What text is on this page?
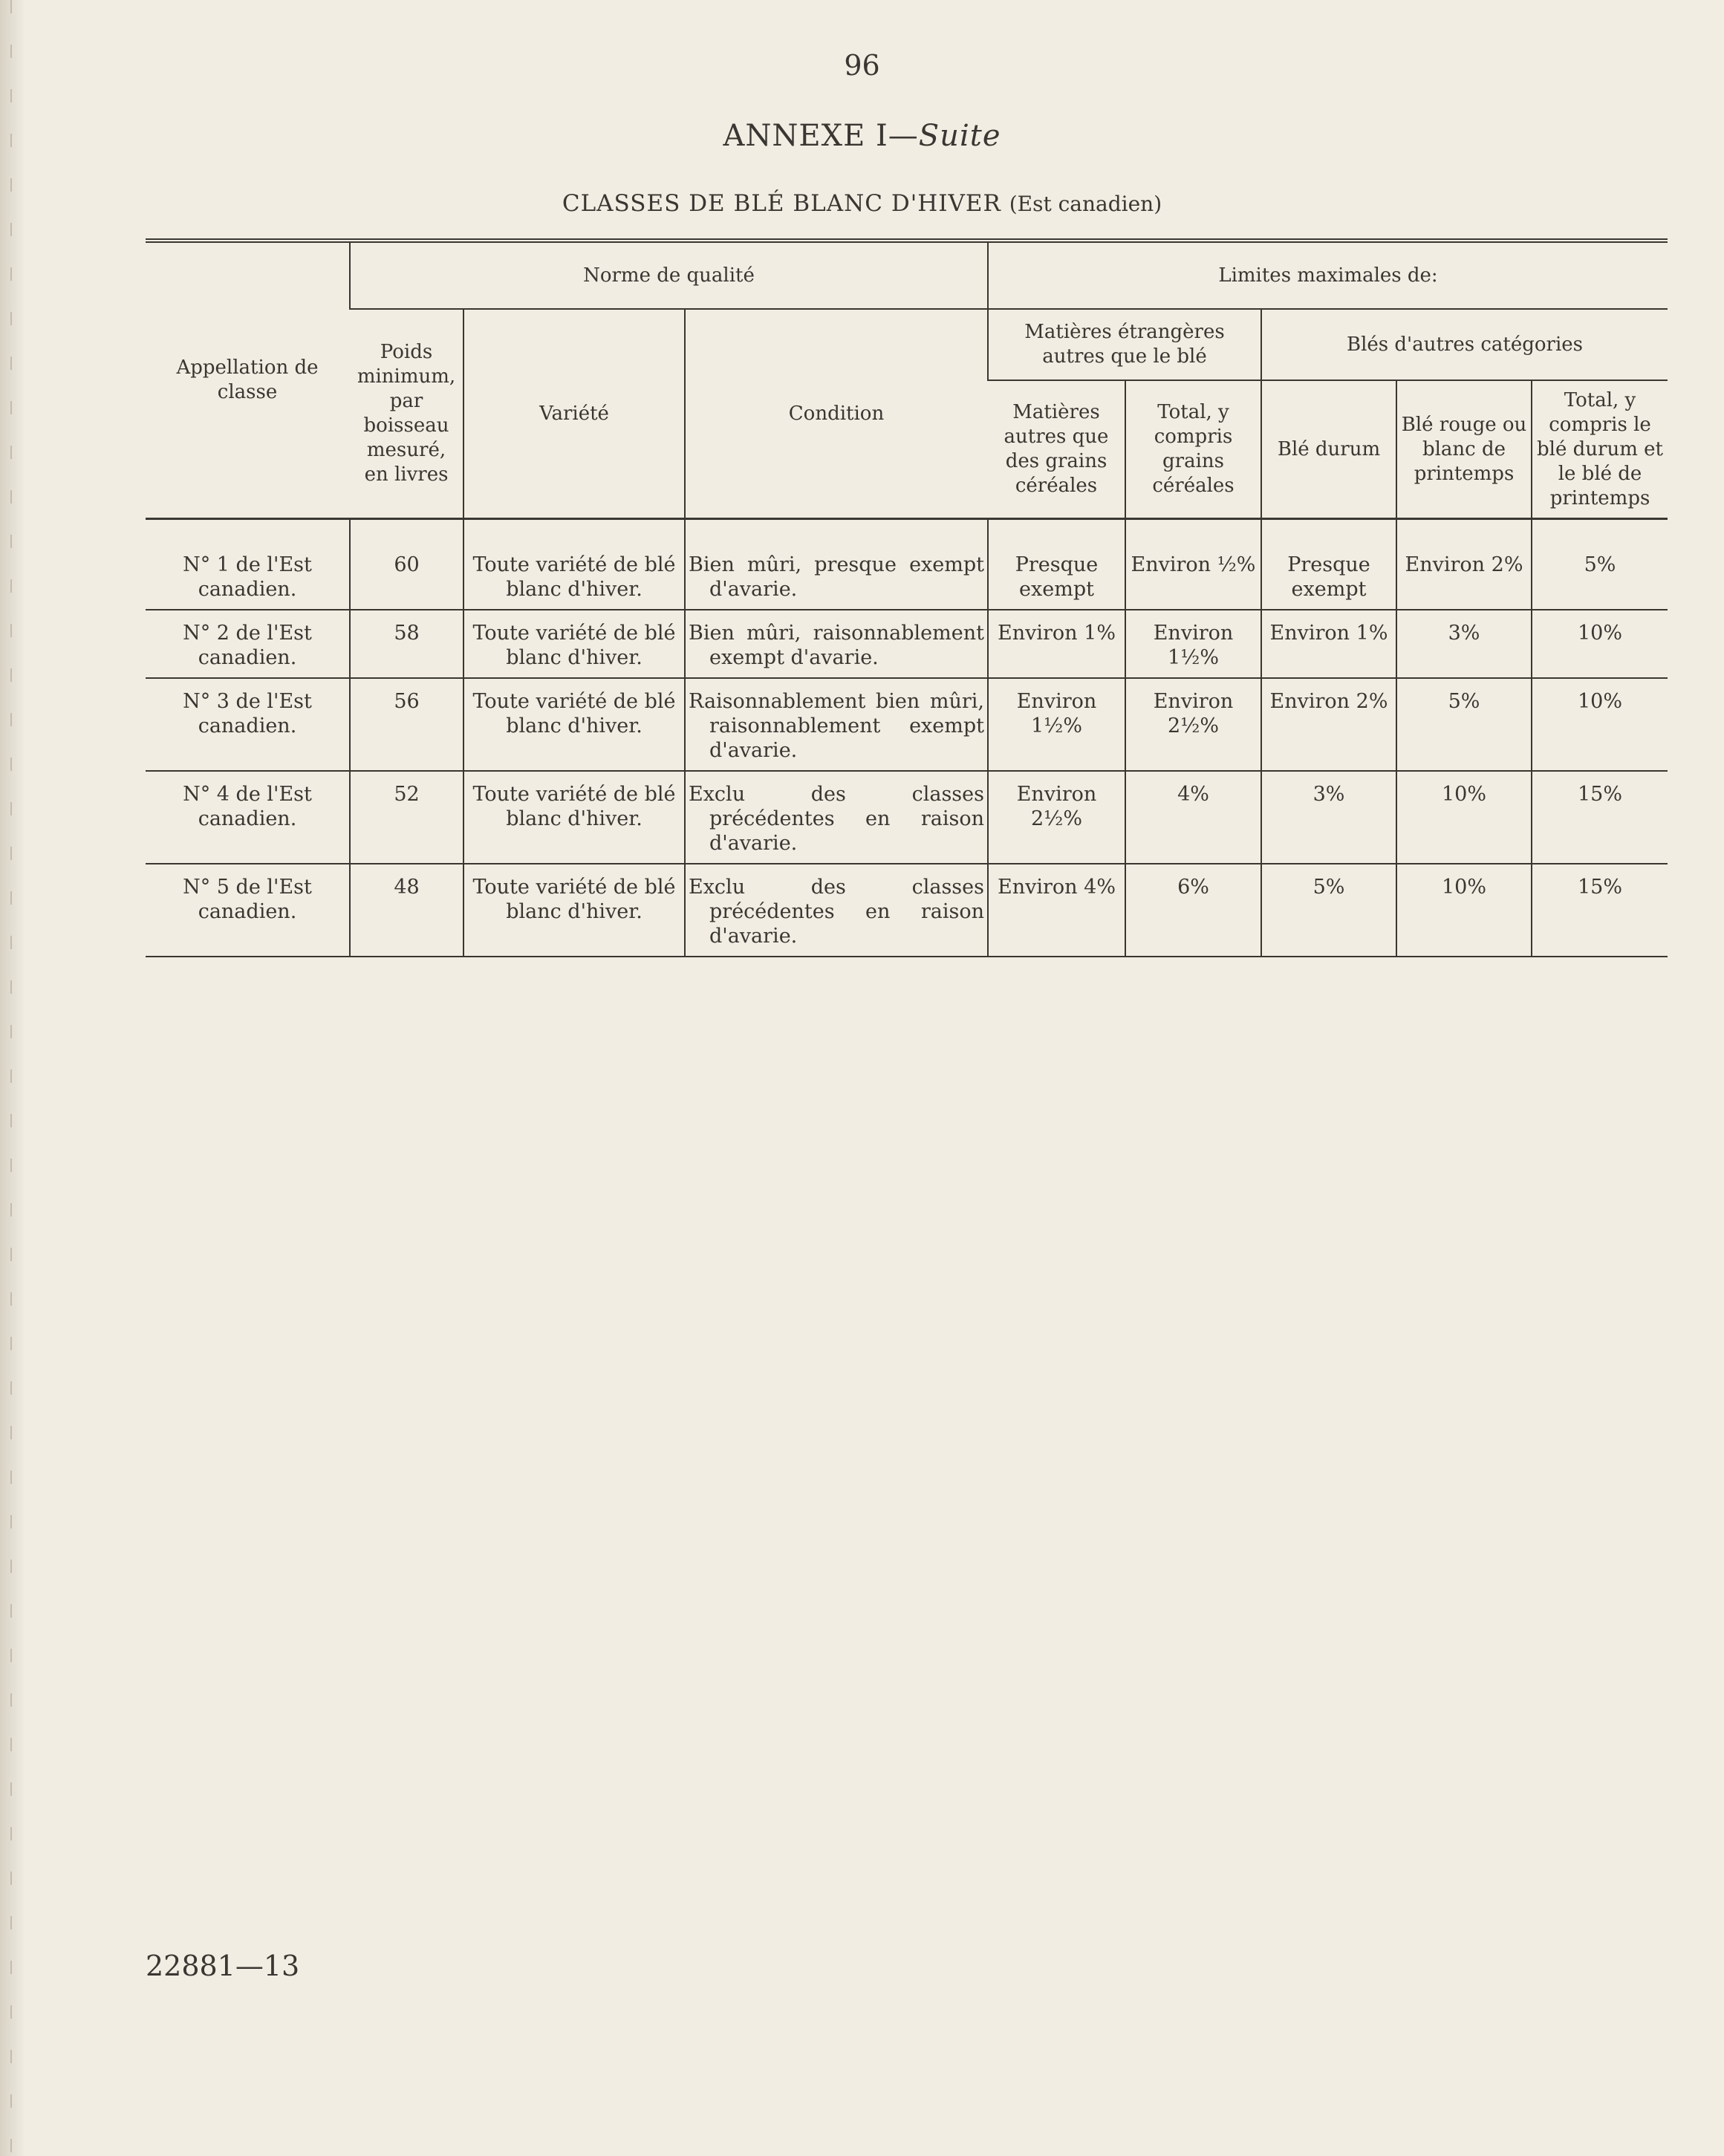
96
ANNEXE I—Suite
CLASSES DE BLÉ BLANC D'HIVER (Est canadien)
Appellation de classe	Norme de qualité			Limites maximales de:				
	Poids minimum, par boisseau mesuré, en livres	Variété	Condition	Matières étrangères autres que le blé		Blés d'autres catégories		
				Matières autres que des grains céréales	Total, y compris grains céréales	Blé durum	Blé rouge ou blanc de printemps	Total, y compris le blé durum et le blé de printemps
N° 1 de l'Est canadien.	60	Toute variété de blé blanc d'hiver.	Bien mûri, presque exempt d'avarie.	Presque exempt	Environ ½%	Presque exempt	Environ 2%	5%
N° 2 de l'Est canadien.	58	Toute variété de blé blanc d'hiver.	Bien mûri, raisonnablement exempt d'avarie.	Environ 1%	Environ 1½%	Environ 1%	3%	10%
N° 3 de l'Est canadien.	56	Toute variété de blé blanc d'hiver.	Raisonnablement bien mûri, raisonnablement exempt d'avarie.	Environ 1½%	Environ 2½%	Environ 2%	5%	10%
N° 4 de l'Est canadien.	52	Toute variété de blé blanc d'hiver.	Exclu des classes précédentes en raison d'avarie.	Environ 2½%	4%	3%	10%	15%
N° 5 de l'Est canadien.	48	Toute variété de blé blanc d'hiver.	Exclu des classes précédentes en raison d'avarie.	Environ 4%	6%	5%	10%	15%
22881—13
